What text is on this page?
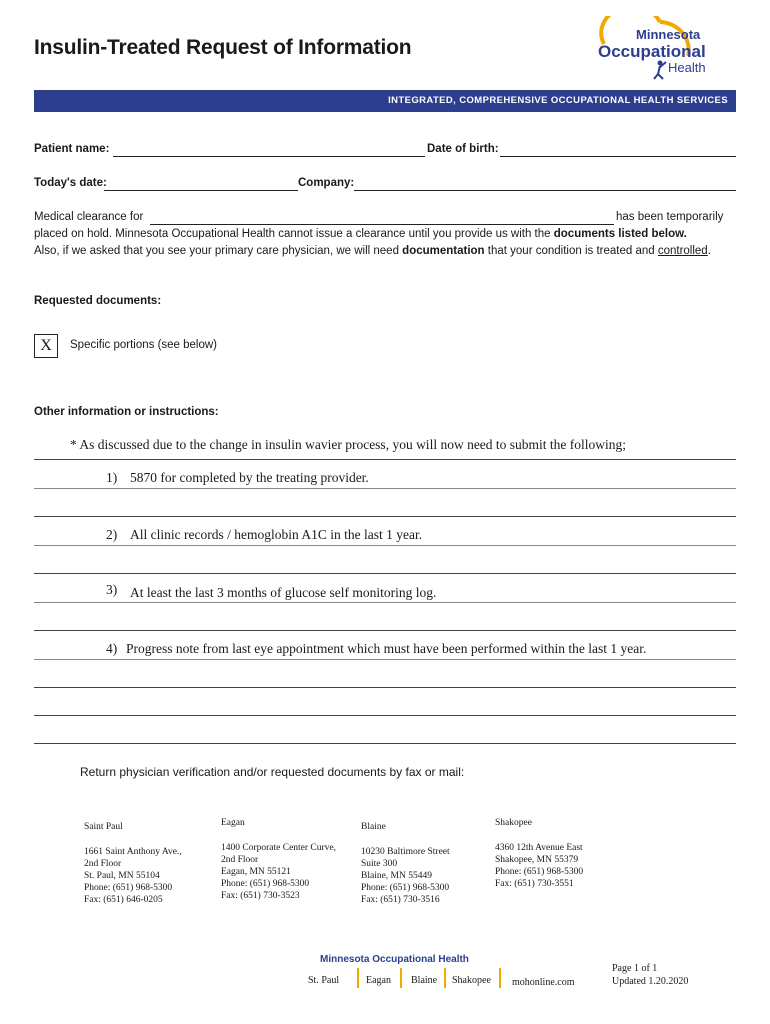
Insulin-Treated Request of Information
Minnesota
Occupational
Health
INTEGRATED, COMPREHENSIVE OCCUPATIONAL HEALTH SERVICES
Patient name:	Date of birth:
Today's date:	Company:
Medical clearance for	has been temporarily
placed on hold. Minnesota Occupational Health cannot issue a clearance until you provide us with the documents listed below.
Also, if we asked that you see your primary care physician, we will need documentation that your condition is treated and controlled.
Requested documents:
X	Specific portions (see below)
Other information or instructions:
* As discussed due to the change in insulin wavier process, you will now need to submit the following;
1) 5870 for completed by the treating provider.
2) All clinic records / hemoglobin A1C in the last 1 year.
3) At least the last 3 months of glucose self monitoring log.
4) Progress note from last eye appointment which must have been performed within the last 1 year.
Return physician verification and/or requested documents by fax or mail:

Saint Paul

1661 Saint Anthony Ave.,
2nd Floor
St. Paul, MN 55104
Phone: (651) 968-5300
Fax: (651) 646-0205

Eagan

1400 Corporate Center Curve,
2nd Floor
Eagan, MN 55121
Phone: (651) 968-5300
Fax: (651) 730-3523

Blaine

10230 Baltimore Street
Suite 300
Blaine, MN 55449
Phone: (651) 968-5300
Fax: (651) 730-3516

Shakopee

4360 12th Avenue East
Shakopee, MN 55379
Phone: (651) 968-5300
Fax: (651) 730-3551

Minnesota Occupational Health
St. Paul	Eagan Blaine Shakopee mohonline.com
Page 1 of 1
Updated 1.20.2020
